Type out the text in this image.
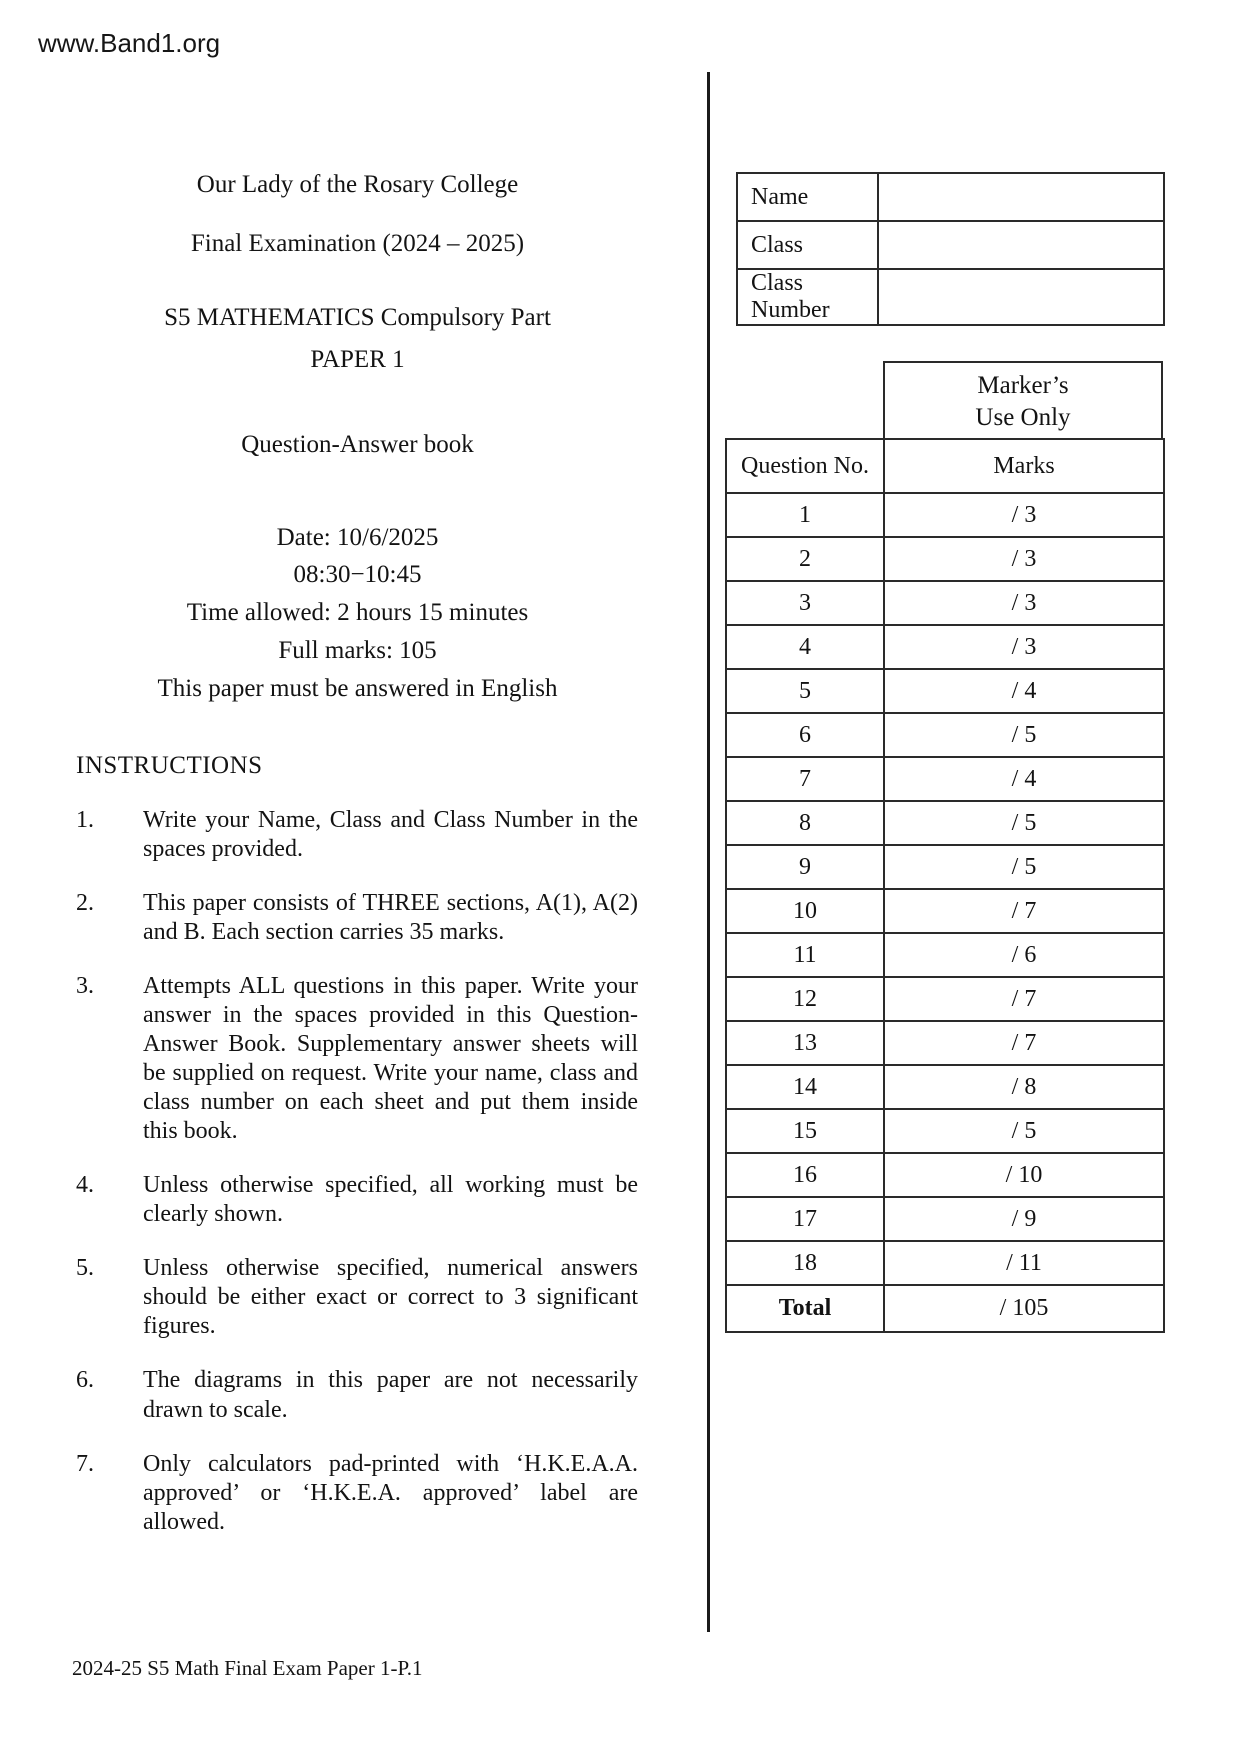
www.Band1.org
Our Lady of the Rosary College
Final Examination (2024 – 2025)
S5 MATHEMATICS Compulsory Part
PAPER 1
Question-Answer book
Date: 10/6/2025
08:30−10:45
Time allowed: 2 hours 15 minutes
Full marks: 105
This paper must be answered in English
INSTRUCTIONS
1.	Write your Name, Class and Class Number in the spaces provided.
2.	This paper consists of THREE sections, A(1), A(2) and B. Each section carries 35 marks.
3.	Attempts ALL questions in this paper. Write your answer in the spaces provided in this Question-Answer Book. Supplementary answer sheets will be supplied on request. Write your name, class and class number on each sheet and put them inside this book.
4.	Unless otherwise specified, all working must be clearly shown.
5.	Unless otherwise specified, numerical answers should be either exact or correct to 3 significant figures.
6.	The diagrams in this paper are not necessarily drawn to scale.
7.	Only calculators pad-printed with ‘H.K.E.A.A. approved’ or ‘H.K.E.A. approved’ label are allowed.
Name	
Class	
Class Number	
Marker’s
Use Only
Question No.	Marks
1	/ 3
2	/ 3
3	/ 3
4	/ 3
5	/ 4
6	/ 5
7	/ 4
8	/ 5
9	/ 5
10	/ 7
11	/ 6
12	/ 7
13	/ 7
14	/ 8
15	/ 5
16	/ 10
17	/ 9
18	/ 11
Total	/ 105
2024-25 S5 Math Final Exam Paper 1-P.1
